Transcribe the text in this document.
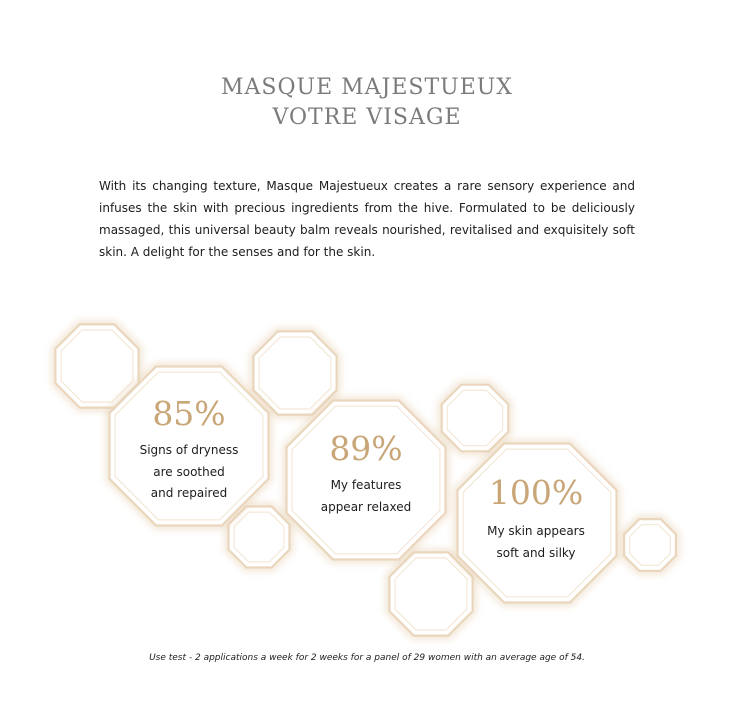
MASQUE MAJESTUEUX
VOTRE VISAGE
With its changing texture, Masque Majestueux creates a rare sensory experience and infuses the skin with precious ingredients from the hive. Formulated to be deliciously massaged, this universal beauty balm reveals nourished, revitalised and exquisitely soft skin. A delight for the senses and for the skin.
85%
Signs of dryness
are soothed
and repaired
89%
My features
appear relaxed	100%
My skin appears
soft and silky
Use test - 2 applications a week for 2 weeks for a panel of 29 women with an average age of 54.
